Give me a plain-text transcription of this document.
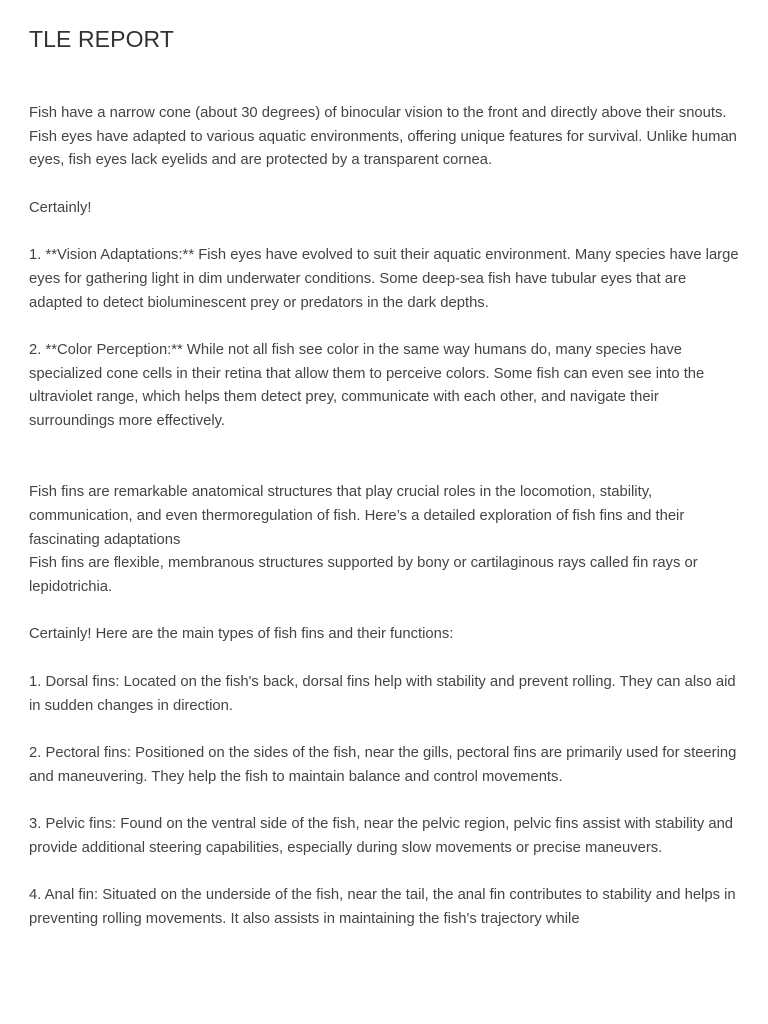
TLE REPORT

Fish have a narrow cone (about 30 degrees) of binocular vision to the front and directly above their snouts. Fish eyes have adapted to various aquatic environments, offering unique features for survival. Unlike human eyes, fish eyes lack eyelids and are protected by a transparent cornea.

Certainly!

1. **Vision Adaptations:** Fish eyes have evolved to suit their aquatic environment. Many species have large eyes for gathering light in dim underwater conditions. Some deep-sea fish have tubular eyes that are adapted to detect bioluminescent prey or predators in the dark depths.

2. **Color Perception:** While not all fish see color in the same way humans do, many species have specialized cone cells in their retina that allow them to perceive colors. Some fish can even see into the ultraviolet range, which helps them detect prey, communicate with each other, and navigate their surroundings more effectively.

Fish fins are remarkable anatomical structures that play crucial roles in the locomotion, stability, communication, and even thermoregulation of fish. Here’s a detailed exploration of fish fins and their fascinating adaptations

Fish fins are flexible, membranous structures supported by bony or cartilaginous rays called fin rays or lepidotrichia.

Certainly! Here are the main types of fish fins and their functions:

1. Dorsal fins: Located on the fish's back, dorsal fins help with stability and prevent rolling. They can also aid in sudden changes in direction.

2. Pectoral fins: Positioned on the sides of the fish, near the gills, pectoral fins are primarily used for steering and maneuvering. They help the fish to maintain balance and control movements.

3. Pelvic fins: Found on the ventral side of the fish, near the pelvic region, pelvic fins assist with stability and provide additional steering capabilities, especially during slow movements or precise maneuvers.

4. Anal fin: Situated on the underside of the fish, near the tail, the anal fin contributes to stability and helps in preventing rolling movements. It also assists in maintaining the fish's trajectory while
